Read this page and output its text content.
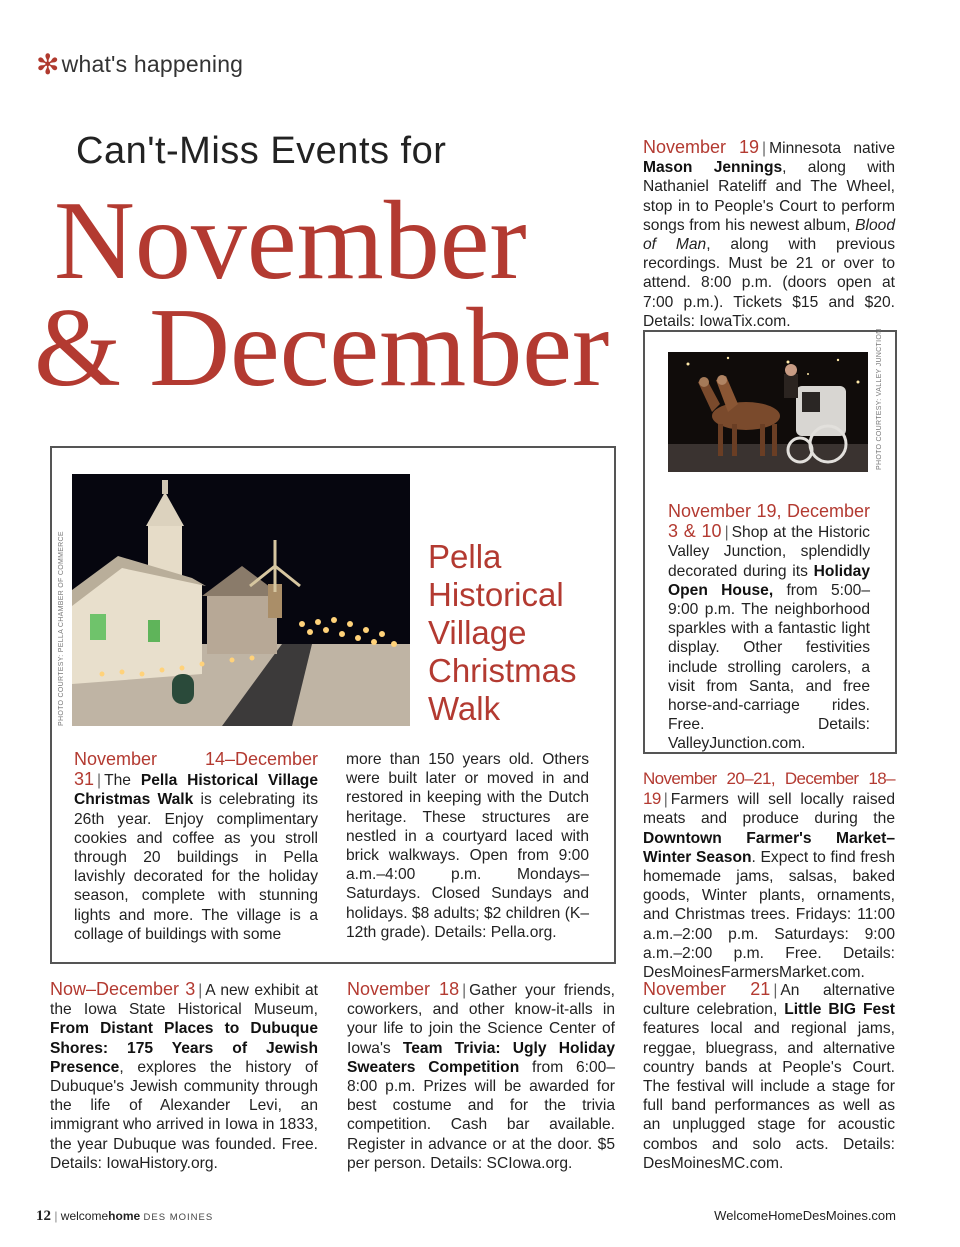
✻what's happening
Can't-Miss Events for
November
& December
November 19 | Minnesota native Mason Jennings, along with Nathaniel Rateliff and The Wheel, stop in to People's Court to perform songs from his newest album, Blood of Man, along with previous recordings. Must be 21 or over to attend. 8:00 p.m. (doors open at 7:00 p.m.). Tickets $15 and $20. Details: IowaTix.com.
PHOTO COURTESY: VALLEY JUNCTION
November 19, December 3 & 10 | Shop at the Historic Valley Junction, splendidly decorated during its Holiday Open House, from 5:00–9:00 p.m. The neighborhood sparkles with a fantastic light display. Other festivities include strolling carolers, a visit from Santa, and free horse-and-carriage rides. Free. Details: ValleyJunction.com.
November 20–21, December 18–19 | Farmers will sell locally raised meats and produce during the Downtown Farmer's Market–Winter Season. Expect to find fresh homemade jams, salsas, baked goods, Winter plants, ornaments, and Christmas trees. Fridays: 11:00 a.m.–2:00 p.m. Saturdays: 9:00 a.m.–2:00 p.m. Free. Details: DesMoinesFarmersMarket.com.
PHOTO COURTESY: PELLA CHAMBER OF COMMERCE	Pella
Historical
Village
Christmas
Walk
November 14–December 31 | The Pella Historical Village Christmas Walk is celebrating its 26th year. Enjoy complimentary cookies and coffee as you stroll through 20 buildings in Pella lavishly decorated for the holiday season, complete with stunning lights and more. The village is a collage of buildings with some
more than 150 years old. Others were built later or moved in and restored in keeping with the Dutch heritage. These structures are nestled in a courtyard laced with brick walkways. Open from 9:00 a.m.–4:00 p.m. Mondays–Saturdays. Closed Sundays and holidays. $8 adults; $2 children (K–12th grade). Details: Pella.org.
Now–December 3 | A new exhibit at the Iowa State Historical Museum, From Distant Places to Dubuque Shores: 175 Years of Jewish Presence, explores the history of Dubuque's Jewish community through the life of Alexander Levi, an immigrant who arrived in Iowa in 1833, the year Dubuque was founded. Free. Details: IowaHistory.org.
November 18 | Gather your friends, coworkers, and other know-it-alls in your life to join the Science Center of Iowa's Team Trivia: Ugly Holiday Sweaters Competition from 6:00–8:00 p.m. Prizes will be awarded for best costume and for the trivia competition. Cash bar available. Register in advance or at the door. $5 per person. Details: SCIowa.org.
November 21 | An alternative culture celebration, Little BIG Fest features local and regional jams, reggae, bluegrass, and alternative country bands at People's Court. The festival will include a stage for full band performances as well as an unplugged stage for acoustic combos and solo acts. Details: DesMoinesMC.com.
12 | welcomehome DES MOINES	WelcomeHomeDesMoines.com
